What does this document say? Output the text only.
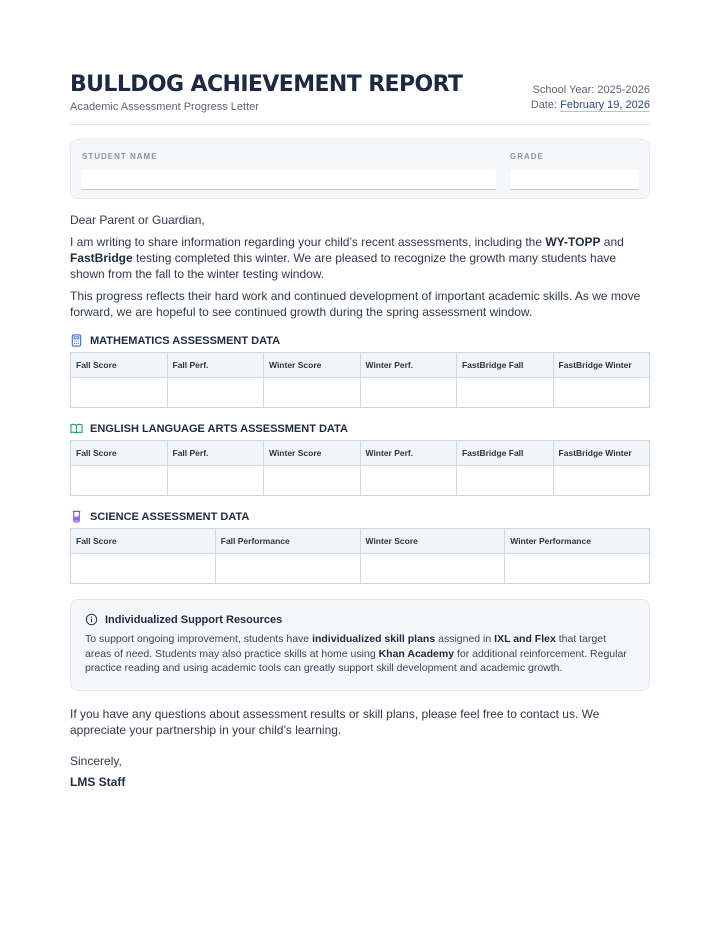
BULLDOG ACHIEVEMENT REPORT
Academic Assessment Progress Letter
School Year: 2025-2026
Date: February 19, 2026
STUDENT NAME	GRADE
Dear Parent or Guardian,
I am writing to share information regarding your child’s recent assessments, including the WY-TOPP and FastBridge testing completed this winter. We are pleased to recognize the growth many students have shown from the fall to the winter testing window.
This progress reflects their hard work and continued development of important academic skills. As we move forward, we are hopeful to see continued growth during the spring assessment window.
MATHEMATICS ASSESSMENT DATA
Fall Score	Fall Perf.	Winter Score	Winter Perf.	FastBridge Fall	FastBridge Winter

ENGLISH LANGUAGE ARTS ASSESSMENT DATA
Fall Score	Fall Perf.	Winter Score	Winter Perf.	FastBridge Fall	FastBridge Winter

SCIENCE ASSESSMENT DATA
Fall Score	Fall Performance	Winter Score	Winter Performance

Individualized Support Resources
To support ongoing improvement, students have individualized skill plans assigned in IXL and Flex that target areas of need. Students may also practice skills at home using Khan Academy for additional reinforcement. Regular practice reading and using academic tools can greatly support skill development and academic growth.
If you have any questions about assessment results or skill plans, please feel free to contact us. We appreciate your partnership in your child’s learning.
Sincerely,
LMS Staff
